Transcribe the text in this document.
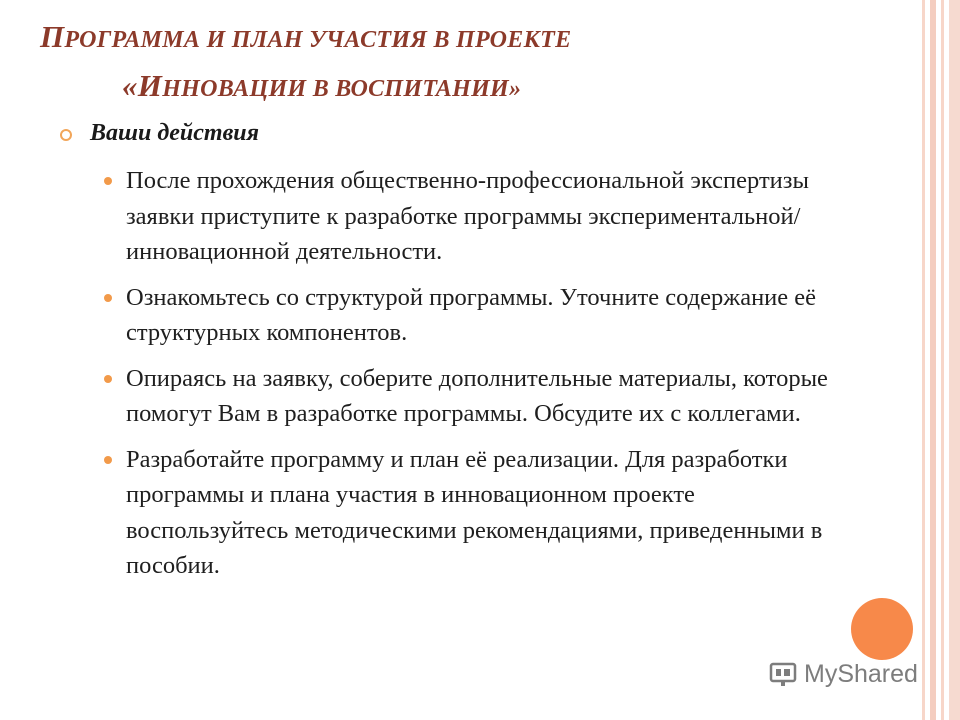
ПРОГРАММА И ПЛАН УЧАСТИЯ В ПРОЕКТЕ
«ИННОВАЦИИ В ВОСПИТАНИИ»
Ваши действия
После прохождения общественно-профессиональной экспертизы заявки приступите к разработке программы экспериментальной/инновационной деятельности.
Ознакомьтесь со структурой программы. Уточните содержание её структурных компонентов.
Опираясь на заявку, соберите дополнительные материалы, которые помогут Вам в разработке программы. Обсудите их с коллегами.
Разработайте программу и план её реализации. Для разработки программы и плана участия в инновационном проекте воспользуйтесь методическими рекомендациями, приведенными в пособии.
MyShared
